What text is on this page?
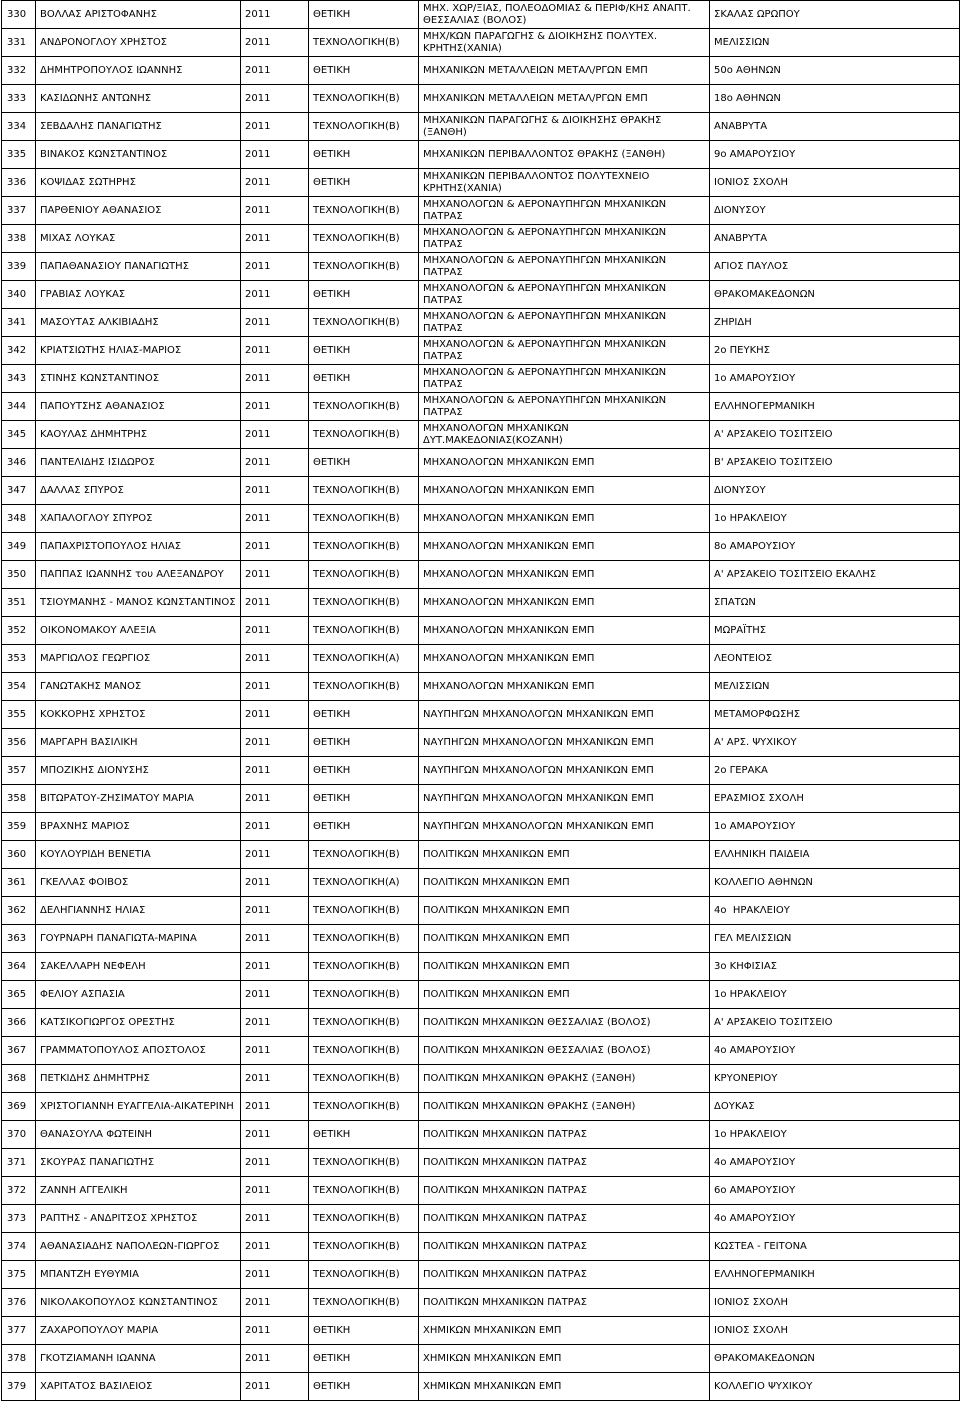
330	ΒΟΛΛΑΣ ΑΡΙΣΤΟΦΑΝΗΣ	2011	ΘΕΤΙΚΗ	ΜΗΧ. ΧΩΡ/ΞΙΑΣ, ΠΟΛΕΟΔΟΜΙΑΣ & ΠΕΡΙΦ/ΚΗΣ ΑΝΑΠΤ. ΘΕΣΣΑΛΙΑΣ (ΒΟΛΟΣ)	ΣΚΑΛΑΣ ΩΡΩΠΟΥ
331	ΑΝΔΡΟΝΟΓΛΟΥ ΧΡΗΣΤΟΣ	2011	ΤΕΧΝΟΛΟΓΙΚΗ(Β)	ΜΗΧ/ΚΩΝ ΠΑΡΑΓΩΓΗΣ & ΔΙΟΙΚΗΣΗΣ ΠΟΛΥΤΕΧ. ΚΡΗΤΗΣ(ΧΑΝΙΑ)	ΜΕΛΙΣΣΙΩΝ
332	ΔΗΜΗΤΡΟΠΟΥΛΟΣ ΙΩΑΝΝΗΣ	2011	ΘΕΤΙΚΗ	ΜΗΧΑΝΙΚΩΝ ΜΕΤΑΛΛΕΙΩΝ ΜΕΤΑΛ/ΡΓΩΝ ΕΜΠ	50ο ΑΘΗΝΩΝ
333	ΚΑΣΙΔΩΝΗΣ ΑΝΤΩΝΗΣ	2011	ΤΕΧΝΟΛΟΓΙΚΗ(Β)	ΜΗΧΑΝΙΚΩΝ ΜΕΤΑΛΛΕΙΩΝ ΜΕΤΑΛ/ΡΓΩΝ ΕΜΠ	18ο ΑΘΗΝΩΝ
334	ΣΕΒΔΑΛΗΣ ΠΑΝΑΓΙΩΤΗΣ	2011	ΤΕΧΝΟΛΟΓΙΚΗ(Β)	ΜΗΧΑΝΙΚΩΝ ΠΑΡΑΓΩΓΗΣ & ΔΙΟΙΚΗΣΗΣ ΘΡΑΚΗΣ (ΞΑΝΘΗ)	ΑΝΑΒΡΥΤΑ
335	ΒΙΝΑΚΟΣ ΚΩΝΣΤΑΝΤΙΝΟΣ	2011	ΘΕΤΙΚΗ	ΜΗΧΑΝΙΚΩΝ ΠΕΡΙΒΑΛΛΟΝΤΟΣ ΘΡΑΚΗΣ (ΞΑΝΘΗ)	9ο ΑΜΑΡΟΥΣΙΟΥ
336	ΚΟΨΙΔΑΣ ΣΩΤΗΡΗΣ	2011	ΘΕΤΙΚΗ	ΜΗΧΑΝΙΚΩΝ ΠΕΡΙΒΑΛΛΟΝΤΟΣ ΠΟΛΥΤΕΧΝΕΙΟ ΚΡΗΤΗΣ(ΧΑΝΙΑ)	ΙΟΝΙΟΣ ΣΧΟΛΗ
337	ΠΑΡΘΕΝΙΟΥ ΑΘΑΝΑΣΙΟΣ	2011	ΤΕΧΝΟΛΟΓΙΚΗ(Β)	ΜΗΧΑΝΟΛΟΓΩΝ & ΑΕΡΟΝΑΥΠΗΓΩΝ ΜΗΧΑΝΙΚΩΝ ΠΑΤΡΑΣ	ΔΙΟΝΥΣΟΥ
338	ΜΙΧΑΣ ΛΟΥΚΑΣ	2011	ΤΕΧΝΟΛΟΓΙΚΗ(Β)	ΜΗΧΑΝΟΛΟΓΩΝ & ΑΕΡΟΝΑΥΠΗΓΩΝ ΜΗΧΑΝΙΚΩΝ ΠΑΤΡΑΣ	ΑΝΑΒΡΥΤΑ
339	ΠΑΠΑΘΑΝΑΣΙΟΥ ΠΑΝΑΓΙΩΤΗΣ	2011	ΤΕΧΝΟΛΟΓΙΚΗ(Β)	ΜΗΧΑΝΟΛΟΓΩΝ & ΑΕΡΟΝΑΥΠΗΓΩΝ ΜΗΧΑΝΙΚΩΝ ΠΑΤΡΑΣ	ΑΓΙΟΣ ΠΑΥΛΟΣ
340	ΓΡΑΒΙΑΣ ΛΟΥΚΑΣ	2011	ΘΕΤΙΚΗ	ΜΗΧΑΝΟΛΟΓΩΝ & ΑΕΡΟΝΑΥΠΗΓΩΝ ΜΗΧΑΝΙΚΩΝ ΠΑΤΡΑΣ	ΘΡΑΚΟΜΑΚΕΔΟΝΩΝ
341	ΜΑΣΟΥΤΑΣ ΑΛΚΙΒΙΑΔΗΣ	2011	ΤΕΧΝΟΛΟΓΙΚΗ(Β)	ΜΗΧΑΝΟΛΟΓΩΝ & ΑΕΡΟΝΑΥΠΗΓΩΝ ΜΗΧΑΝΙΚΩΝ ΠΑΤΡΑΣ	ΖΗΡΙΔΗ
342	ΚΡΙΑΤΣΙΩΤΗΣ ΗΛΙΑΣ-ΜΑΡΙΟΣ	2011	ΘΕΤΙΚΗ	ΜΗΧΑΝΟΛΟΓΩΝ & ΑΕΡΟΝΑΥΠΗΓΩΝ ΜΗΧΑΝΙΚΩΝ ΠΑΤΡΑΣ	2ο ΠΕΥΚΗΣ
343	ΣΤΙΝΗΣ ΚΩΝΣΤΑΝΤΙΝΟΣ	2011	ΘΕΤΙΚΗ	ΜΗΧΑΝΟΛΟΓΩΝ & ΑΕΡΟΝΑΥΠΗΓΩΝ ΜΗΧΑΝΙΚΩΝ ΠΑΤΡΑΣ	1ο ΑΜΑΡΟΥΣΙΟΥ
344	ΠΑΠΟΥΤΣΗΣ ΑΘΑΝΑΣΙΟΣ	2011	ΤΕΧΝΟΛΟΓΙΚΗ(Β)	ΜΗΧΑΝΟΛΟΓΩΝ & ΑΕΡΟΝΑΥΠΗΓΩΝ ΜΗΧΑΝΙΚΩΝ ΠΑΤΡΑΣ	ΕΛΛΗΝΟΓΕΡΜΑΝΙΚΗ
345	ΚΑΟΥΛΑΣ ΔΗΜΗΤΡΗΣ	2011	ΤΕΧΝΟΛΟΓΙΚΗ(Β)	ΜΗΧΑΝΟΛΟΓΩΝ ΜΗΧΑΝΙΚΩΝ ΔΥΤ.ΜΑΚΕΔΟΝΙΑΣ(ΚΟΖΑΝΗ)	Α' ΑΡΣΑΚΕΙΟ ΤΟΣΙΤΣΕΙΟ
346	ΠΑΝΤΕΛΙΔΗΣ ΙΣΙΔΩΡΟΣ	2011	ΘΕΤΙΚΗ	ΜΗΧΑΝΟΛΟΓΩΝ ΜΗΧΑΝΙΚΩΝ ΕΜΠ	Β' ΑΡΣΑΚΕΙΟ ΤΟΣΙΤΣΕΙΟ
347	ΔΑΛΛΑΣ ΣΠΥΡΟΣ	2011	ΤΕΧΝΟΛΟΓΙΚΗ(Β)	ΜΗΧΑΝΟΛΟΓΩΝ ΜΗΧΑΝΙΚΩΝ ΕΜΠ	ΔΙΟΝΥΣΟΥ
348	ΧΑΠΑΛΟΓΛΟΥ ΣΠΥΡΟΣ	2011	ΤΕΧΝΟΛΟΓΙΚΗ(Β)	ΜΗΧΑΝΟΛΟΓΩΝ ΜΗΧΑΝΙΚΩΝ ΕΜΠ	1ο ΗΡΑΚΛΕΙΟΥ
349	ΠΑΠΑΧΡΙΣΤΟΠΟΥΛΟΣ ΗΛΙΑΣ	2011	ΤΕΧΝΟΛΟΓΙΚΗ(Β)	ΜΗΧΑΝΟΛΟΓΩΝ ΜΗΧΑΝΙΚΩΝ ΕΜΠ	8ο ΑΜΑΡΟΥΣΙΟΥ
350	ΠΑΠΠΑΣ ΙΩΑΝΝΗΣ του ΑΛΕΞΑΝΔΡΟΥ	2011	ΤΕΧΝΟΛΟΓΙΚΗ(Β)	ΜΗΧΑΝΟΛΟΓΩΝ ΜΗΧΑΝΙΚΩΝ ΕΜΠ	Α' ΑΡΣΑΚΕΙΟ ΤΟΣΙΤΣΕΙΟ ΕΚΑΛΗΣ
351	ΤΣΙΟΥΜΑΝΗΣ - ΜΑΝΟΣ ΚΩΝΣΤΑΝΤΙΝΟΣ	2011	ΤΕΧΝΟΛΟΓΙΚΗ(Β)	ΜΗΧΑΝΟΛΟΓΩΝ ΜΗΧΑΝΙΚΩΝ ΕΜΠ	ΣΠΑΤΩΝ
352	ΟΙΚΟΝΟΜΑΚΟΥ ΑΛΕΞΙΑ	2011	ΤΕΧΝΟΛΟΓΙΚΗ(Β)	ΜΗΧΑΝΟΛΟΓΩΝ ΜΗΧΑΝΙΚΩΝ ΕΜΠ	ΜΩΡΑΪΤΗΣ
353	ΜΑΡΓΙΩΛΟΣ ΓΕΩΡΓΙΟΣ	2011	ΤΕΧΝΟΛΟΓΙΚΗ(Α)	ΜΗΧΑΝΟΛΟΓΩΝ ΜΗΧΑΝΙΚΩΝ ΕΜΠ	ΛΕΟΝΤΕΙΟΣ
354	ΓΑΝΩΤΑΚΗΣ ΜΑΝΟΣ	2011	ΤΕΧΝΟΛΟΓΙΚΗ(Β)	ΜΗΧΑΝΟΛΟΓΩΝ ΜΗΧΑΝΙΚΩΝ ΕΜΠ	ΜΕΛΙΣΣΙΩΝ
355	ΚΟΚΚΟΡΗΣ ΧΡΗΣΤΟΣ	2011	ΘΕΤΙΚΗ	ΝΑΥΠΗΓΩΝ ΜΗΧΑΝΟΛΟΓΩΝ ΜΗΧΑΝΙΚΩΝ ΕΜΠ	ΜΕΤΑΜΟΡΦΩΣΗΣ
356	ΜΑΡΓΑΡΗ ΒΑΣΙΛΙΚΗ	2011	ΘΕΤΙΚΗ	ΝΑΥΠΗΓΩΝ ΜΗΧΑΝΟΛΟΓΩΝ ΜΗΧΑΝΙΚΩΝ ΕΜΠ	Α' ΑΡΣ. ΨΥΧΙΚΟΥ
357	ΜΠΟΖΙΚΗΣ ΔΙΟΝΥΣΗΣ	2011	ΘΕΤΙΚΗ	ΝΑΥΠΗΓΩΝ ΜΗΧΑΝΟΛΟΓΩΝ ΜΗΧΑΝΙΚΩΝ ΕΜΠ	2ο ΓΕΡΑΚΑ
358	ΒΙΤΩΡΑΤΟΥ-ΖΗΣΙΜΑΤΟΥ ΜΑΡΙΑ	2011	ΘΕΤΙΚΗ	ΝΑΥΠΗΓΩΝ ΜΗΧΑΝΟΛΟΓΩΝ ΜΗΧΑΝΙΚΩΝ ΕΜΠ	ΕΡΑΣΜΙΟΣ ΣΧΟΛΗ
359	ΒΡΑΧΝΗΣ ΜΑΡΙΟΣ	2011	ΘΕΤΙΚΗ	ΝΑΥΠΗΓΩΝ ΜΗΧΑΝΟΛΟΓΩΝ ΜΗΧΑΝΙΚΩΝ ΕΜΠ	1ο ΑΜΑΡΟΥΣΙΟΥ
360	ΚΟΥΛΟΥΡΙΔΗ ΒΕΝΕΤΙΑ	2011	ΤΕΧΝΟΛΟΓΙΚΗ(Β)	ΠΟΛΙΤΙΚΩΝ ΜΗΧΑΝΙΚΩΝ ΕΜΠ	ΕΛΛΗΝΙΚΗ ΠΑΙΔΕΙΑ
361	ΓΚΕΛΛΑΣ ΦΟΙΒΟΣ	2011	ΤΕΧΝΟΛΟΓΙΚΗ(Α)	ΠΟΛΙΤΙΚΩΝ ΜΗΧΑΝΙΚΩΝ ΕΜΠ	ΚΟΛΛΕΓΙΟ ΑΘΗΝΩΝ
362	ΔΕΛΗΓΙΑΝΝΗΣ ΗΛΙΑΣ	2011	ΤΕΧΝΟΛΟΓΙΚΗ(Β)	ΠΟΛΙΤΙΚΩΝ ΜΗΧΑΝΙΚΩΝ ΕΜΠ	4ο  ΗΡΑΚΛΕΙΟΥ
363	ΓΟΥΡΝΑΡΗ ΠΑΝΑΓΙΩΤΑ-ΜΑΡΙΝΑ	2011	ΤΕΧΝΟΛΟΓΙΚΗ(Β)	ΠΟΛΙΤΙΚΩΝ ΜΗΧΑΝΙΚΩΝ ΕΜΠ	ΓΕΛ ΜΕΛΙΣΣΙΩΝ
364	ΣΑΚΕΛΛΑΡΗ ΝΕΦΕΛΗ	2011	ΤΕΧΝΟΛΟΓΙΚΗ(Β)	ΠΟΛΙΤΙΚΩΝ ΜΗΧΑΝΙΚΩΝ ΕΜΠ	3ο ΚΗΦΙΣΙΑΣ
365	ΦΕΛΙΟΥ ΑΣΠΑΣΙΑ	2011	ΤΕΧΝΟΛΟΓΙΚΗ(Β)	ΠΟΛΙΤΙΚΩΝ ΜΗΧΑΝΙΚΩΝ ΕΜΠ	1ο ΗΡΑΚΛΕΙΟΥ
366	ΚΑΤΣΙΚΟΓΙΩΡΓΟΣ ΟΡΕΣΤΗΣ	2011	ΤΕΧΝΟΛΟΓΙΚΗ(Β)	ΠΟΛΙΤΙΚΩΝ ΜΗΧΑΝΙΚΩΝ ΘΕΣΣΑΛΙΑΣ (ΒΟΛΟΣ)	Α' ΑΡΣΑΚΕΙΟ ΤΟΣΙΤΣΕΙΟ
367	ΓΡΑΜΜΑΤΟΠΟΥΛΟΣ ΑΠΟΣΤΟΛΟΣ	2011	ΤΕΧΝΟΛΟΓΙΚΗ(Β)	ΠΟΛΙΤΙΚΩΝ ΜΗΧΑΝΙΚΩΝ ΘΕΣΣΑΛΙΑΣ (ΒΟΛΟΣ)	4ο ΑΜΑΡΟΥΣΙΟΥ
368	ΠΕΤΚΙΔΗΣ ΔΗΜΗΤΡΗΣ	2011	ΤΕΧΝΟΛΟΓΙΚΗ(Β)	ΠΟΛΙΤΙΚΩΝ ΜΗΧΑΝΙΚΩΝ ΘΡΑΚΗΣ (ΞΑΝΘΗ)	ΚΡΥΟΝΕΡΙΟΥ
369	ΧΡΙΣΤΟΓΙΑΝΝΗ ΕΥΑΓΓΕΛΙΑ-ΑΙΚΑΤΕΡΙΝΗ	2011	ΤΕΧΝΟΛΟΓΙΚΗ(Β)	ΠΟΛΙΤΙΚΩΝ ΜΗΧΑΝΙΚΩΝ ΘΡΑΚΗΣ (ΞΑΝΘΗ)	ΔΟΥΚΑΣ
370	ΘΑΝΑΣΟΥΛΑ ΦΩΤΕΙΝΗ	2011	ΘΕΤΙΚΗ	ΠΟΛΙΤΙΚΩΝ ΜΗΧΑΝΙΚΩΝ ΠΑΤΡΑΣ	1ο ΗΡΑΚΛΕΙΟΥ
371	ΣΚΟΥΡΑΣ ΠΑΝΑΓΙΩΤΗΣ	2011	ΤΕΧΝΟΛΟΓΙΚΗ(Β)	ΠΟΛΙΤΙΚΩΝ ΜΗΧΑΝΙΚΩΝ ΠΑΤΡΑΣ	4ο ΑΜΑΡΟΥΣΙΟΥ
372	ΖΑΝΝΗ ΑΓΓΕΛΙΚΗ	2011	ΤΕΧΝΟΛΟΓΙΚΗ(Β)	ΠΟΛΙΤΙΚΩΝ ΜΗΧΑΝΙΚΩΝ ΠΑΤΡΑΣ	6ο ΑΜΑΡΟΥΣΙΟΥ
373	ΡΑΠΤΗΣ - ΑΝΔΡΙΤΣΟΣ ΧΡΗΣΤΟΣ	2011	ΤΕΧΝΟΛΟΓΙΚΗ(Β)	ΠΟΛΙΤΙΚΩΝ ΜΗΧΑΝΙΚΩΝ ΠΑΤΡΑΣ	4ο ΑΜΑΡΟΥΣΙΟΥ
374	ΑΘΑΝΑΣΙΑΔΗΣ ΝΑΠΟΛΕΩΝ-ΓΙΩΡΓΟΣ	2011	ΤΕΧΝΟΛΟΓΙΚΗ(Β)	ΠΟΛΙΤΙΚΩΝ ΜΗΧΑΝΙΚΩΝ ΠΑΤΡΑΣ	ΚΩΣΤΕΑ - ΓΕΙΤΟΝΑ
375	ΜΠΑΝΤΖΗ ΕΥΘΥΜΙΑ	2011	ΤΕΧΝΟΛΟΓΙΚΗ(Β)	ΠΟΛΙΤΙΚΩΝ ΜΗΧΑΝΙΚΩΝ ΠΑΤΡΑΣ	ΕΛΛΗΝΟΓΕΡΜΑΝΙΚΗ
376	ΝΙΚΟΛΑΚΟΠΟΥΛΟΣ ΚΩΝΣΤΑΝΤΙΝΟΣ	2011	ΤΕΧΝΟΛΟΓΙΚΗ(Β)	ΠΟΛΙΤΙΚΩΝ ΜΗΧΑΝΙΚΩΝ ΠΑΤΡΑΣ	ΙΟΝΙΟΣ ΣΧΟΛΗ
377	ΖΑΧΑΡΟΠΟΥΛΟΥ ΜΑΡΙΑ	2011	ΘΕΤΙΚΗ	ΧΗΜΙΚΩΝ ΜΗΧΑΝΙΚΩΝ ΕΜΠ	ΙΟΝΙΟΣ ΣΧΟΛΗ
378	ΓΚΟΤΖΙΑΜΑΝΗ ΙΩΑΝΝΑ	2011	ΘΕΤΙΚΗ	ΧΗΜΙΚΩΝ ΜΗΧΑΝΙΚΩΝ ΕΜΠ	ΘΡΑΚΟΜΑΚΕΔΟΝΩΝ
379	ΧΑΡΙΤΑΤΟΣ ΒΑΣΙΛΕΙΟΣ	2011	ΘΕΤΙΚΗ	ΧΗΜΙΚΩΝ ΜΗΧΑΝΙΚΩΝ ΕΜΠ	ΚΟΛΛΕΓΙΟ ΨΥΧΙΚΟΥ
